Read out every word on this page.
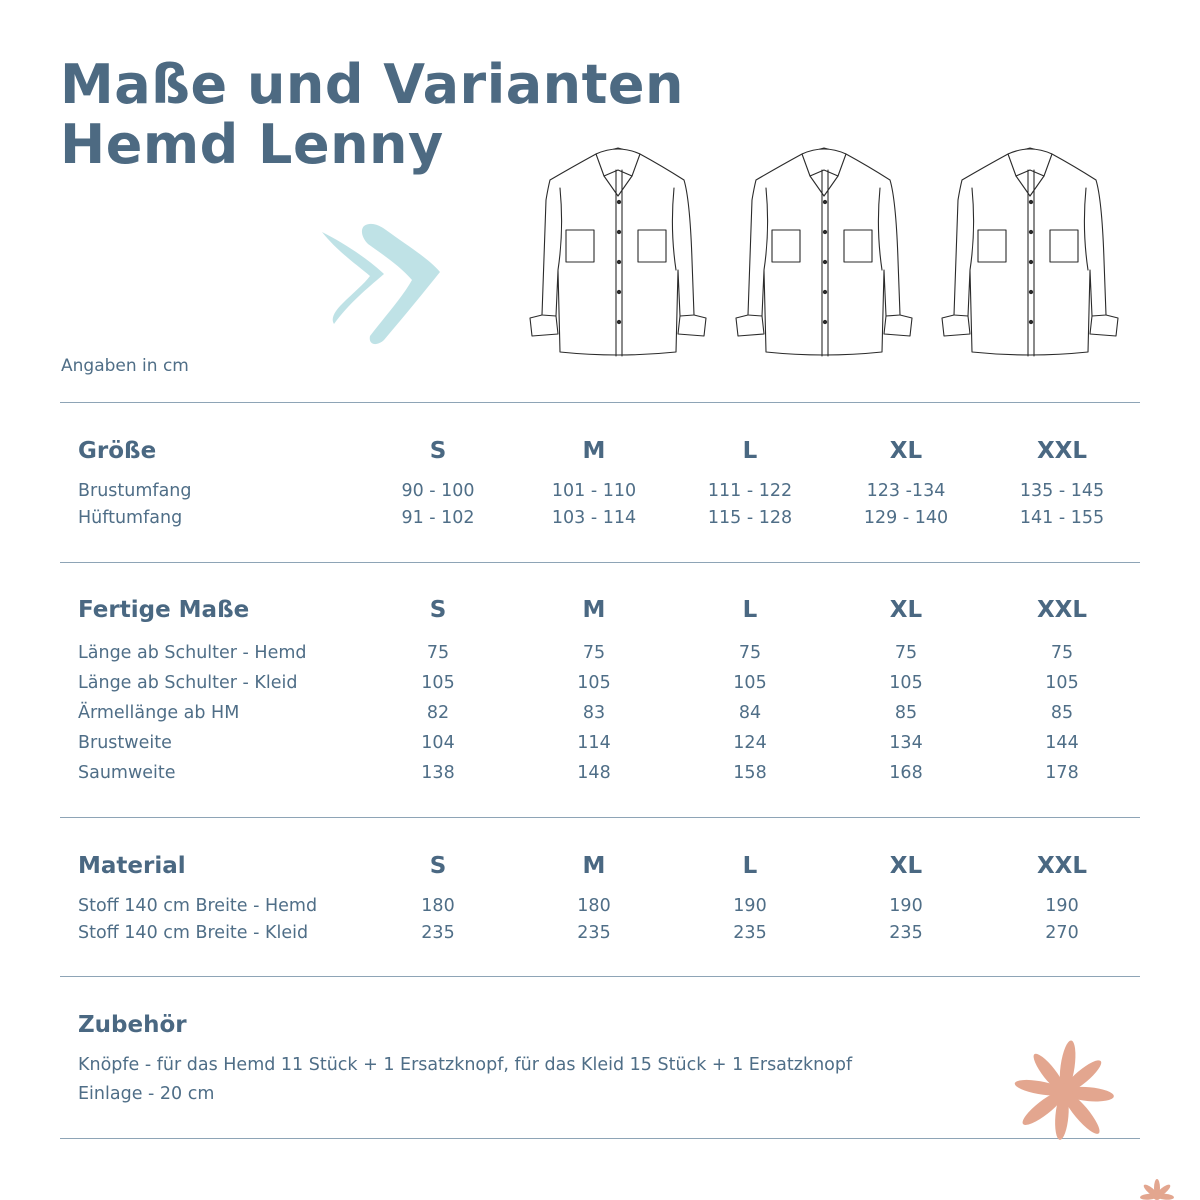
Maße und Varianten
Hemd Lenny
Angaben in cm
Größe	S	M	L	XL	XXL
Brustumfang	90 - 100	101 - 110	111 - 122	123 -134	135 - 145
Hüftumfang	91 - 102	103 - 114	115 - 128	129 - 140	141 - 155
Fertige Maße	S	M	L	XL	XXL
Länge ab Schulter - Hemd	75	75	75	75	75
Länge ab Schulter - Kleid	105	105	105	105	105
Ärmellänge ab HM	82	83	84	85	85
Brustweite	104	114	124	134	144
Saumweite	138	148	158	168	178
Material	S	M	L	XL	XXL
Stoff 140 cm Breite - Hemd	180	180	190	190	190
Stoff 140 cm Breite - Kleid	235	235	235	235	270
Zubehör
Knöpfe - für das Hemd 11 Stück + 1 Ersatzknopf, für das Kleid 15 Stück + 1 Ersatzknopf
Einlage - 20 cm
